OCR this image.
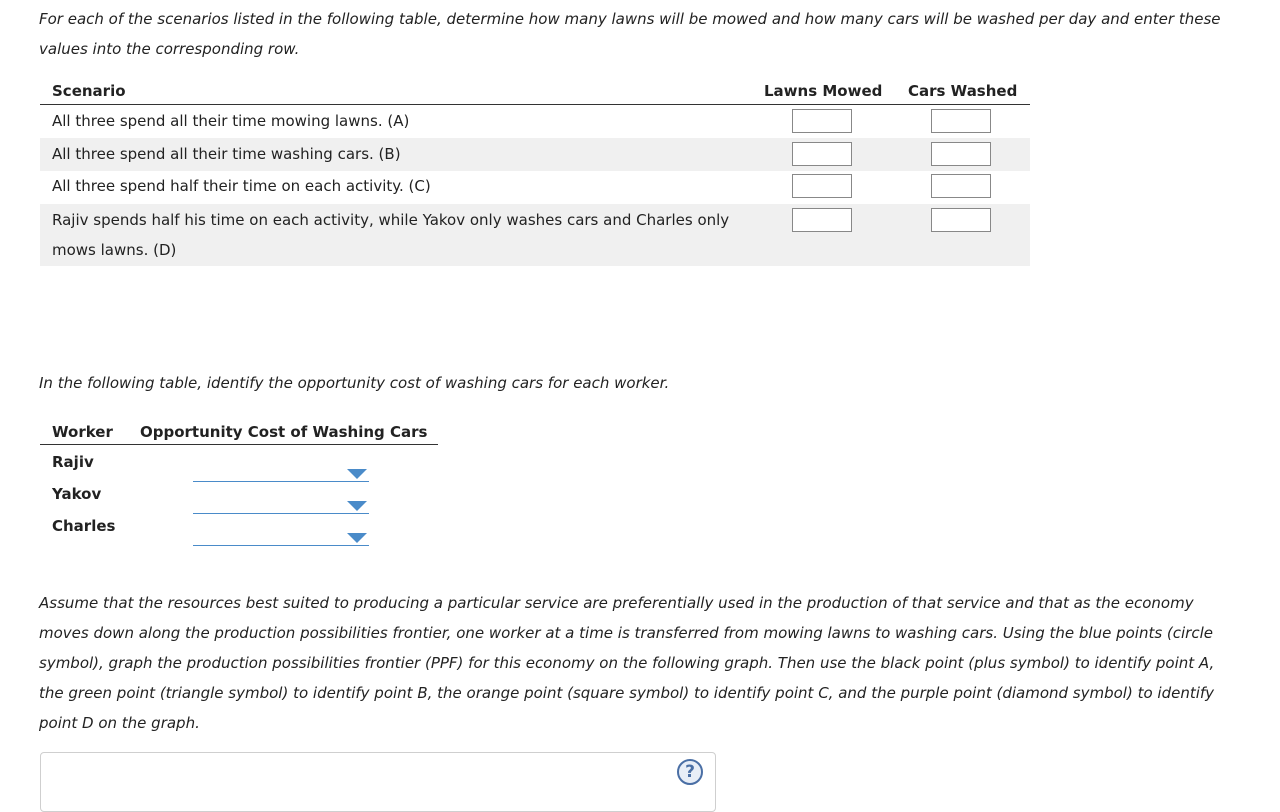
For each of the scenarios listed in the following table, determine how many lawns will be mowed and how many cars will be washed per day and enter these values into the corresponding row.
Scenario	Lawns Mowed Cars Washed
All three spend all their time mowing lawns. (A)
All three spend all their time washing cars. (B)
All three spend half their time on each activity. (C)
Rajiv spends half his time on each activity, while Yakov only washes cars and Charles only mows lawns. (D)
In the following table, identify the opportunity cost of washing cars for each worker.
Worker Opportunity Cost of Washing Cars
Rajiv
Yakov
Charles
Assume that the resources best suited to producing a particular service are preferentially used in the production of that service and that as the economy moves down along the production possibilities frontier, one worker at a time is transferred from mowing lawns to washing cars. Using the blue points (circle symbol), graph the production possibilities frontier (PPF) for this economy on the following graph. Then use the black point (plus symbol) to identify point A, the green point (triangle symbol) to identify point B, the orange point (square symbol) to identify point C, and the purple point (diamond symbol) to identify point D on the graph.
?
